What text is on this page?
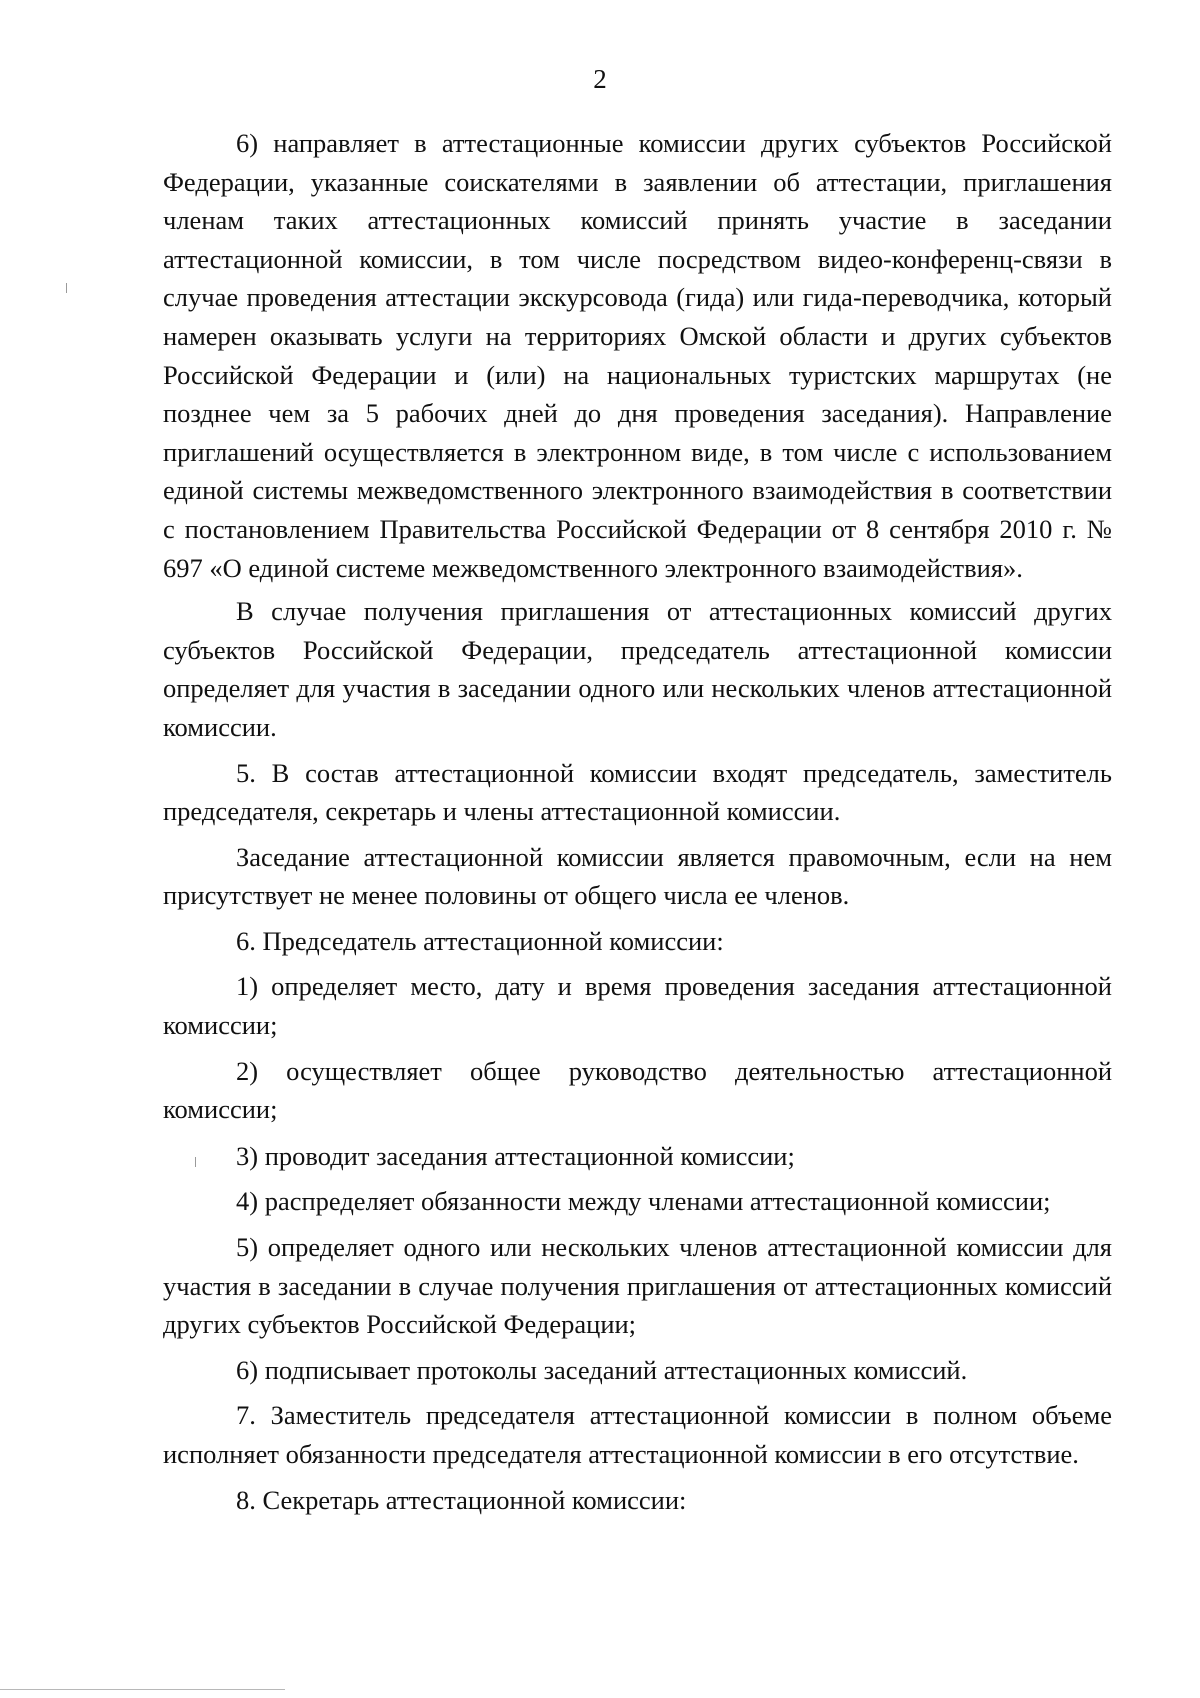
2

6) направляет в аттестационные комиссии других субъектов Российской Федерации, указанные соискателями в заявлении об аттестации, приглашения членам таких аттестационных комиссий принять участие в заседании аттестационной комиссии, в том числе посредством видео-конференц-связи в случае проведения аттестации экскурсовода (гида) или гида-переводчика, который намерен оказывать услуги на территориях Омской области и других субъектов Российской Федерации и (или) на национальных туристских маршрутах (не позднее чем за 5 рабочих дней до дня проведения заседания). Направление приглашений осуществляется в электронном виде, в том числе с использованием единой системы межведомственного электронного взаимодействия в соответствии с постановлением Правительства Российской Федерации от 8 сентября 2010 г. № 697 «О единой системе межведомственного электронного взаимодействия».

В случае получения приглашения от аттестационных комиссий других субъектов Российской Федерации, председатель аттестационной комиссии определяет для участия в заседании одного или нескольких членов аттестационной комиссии.

5. В состав аттестационной комиссии входят председатель, заместитель председателя, секретарь и члены аттестационной комиссии.

Заседание аттестационной комиссии является правомочным, если на нем присутствует не менее половины от общего числа ее членов.

6. Председатель аттестационной комиссии:

1) определяет место, дату и время проведения заседания аттестационной комиссии;

2) осуществляет общее руководство деятельностью аттестационной комиссии;

3) проводит заседания аттестационной комиссии;

4) распределяет обязанности между членами аттестационной комиссии;

5) определяет одного или нескольких членов аттестационной комиссии для участия в заседании в случае получения приглашения от аттестационных комиссий других субъектов Российской Федерации;

6) подписывает протоколы заседаний аттестационных комиссий.

7. Заместитель председателя аттестационной комиссии в полном объеме исполняет обязанности председателя аттестационной комиссии в его отсутствие.

8. Секретарь аттестационной комиссии:
